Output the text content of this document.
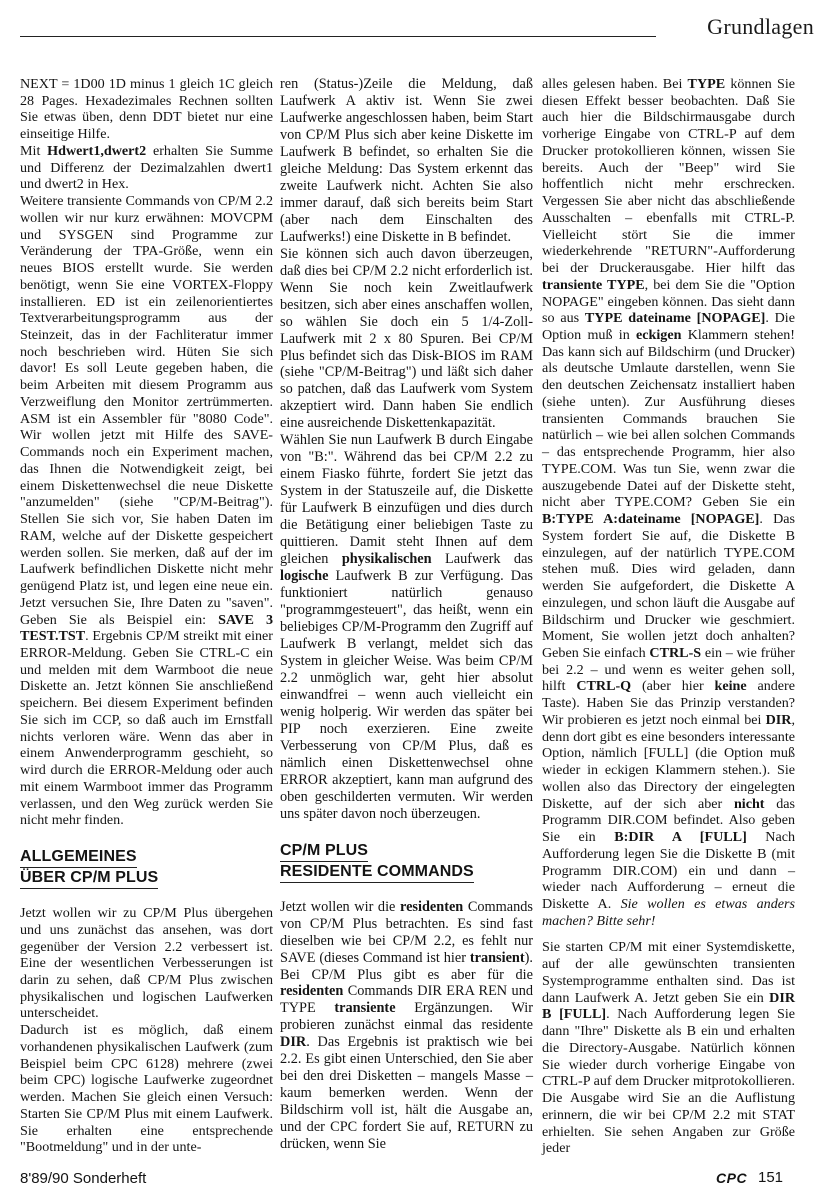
Grundlagen

NEXT = 1D00 1D minus 1 gleich 1C gleich 28 Pages. Hexadezimales Rechnen sollten Sie etwas üben, denn DDT bietet nur eine einseitige Hilfe.

Mit Hdwert1,dwert2 erhalten Sie Summe und Differenz der Dezimalzahlen dwert1 und dwert2 in Hex.

Weitere transiente Commands von CP/M 2.2 wollen wir nur kurz erwähnen: MOVCPM und SYSGEN sind Programme zur Veränderung der TPA-Größe, wenn ein neues BIOS erstellt wurde. Sie werden benötigt, wenn Sie eine VORTEX-Floppy installieren. ED ist ein zeilenorientiertes Textverarbeitungsprogramm aus der Steinzeit, das in der Fachliteratur immer noch beschrieben wird. Hüten Sie sich davor! Es soll Leute gegeben haben, die beim Arbeiten mit diesem Programm aus Verzweiflung den Monitor zertrümmerten. ASM ist ein Assembler für "8080 Code". Wir wollen jetzt mit Hilfe des SAVE-Commands noch ein Experiment machen, das Ihnen die Notwendigkeit zeigt, bei einem Diskettenwechsel die neue Diskette "anzumelden" (siehe "CP/M-Beitrag"). Stellen Sie sich vor, Sie haben Daten im RAM, welche auf der Diskette gespeichert werden sollen. Sie merken, daß auf der im Laufwerk befindlichen Diskette nicht mehr genügend Platz ist, und legen eine neue ein. Jetzt versuchen Sie, Ihre Daten zu "saven". Geben Sie als Beispiel ein: SAVE 3 TEST.TST. Ergebnis CP/M streikt mit einer ERROR-Meldung. Geben Sie CTRL-C ein und melden mit dem Warmboot die neue Diskette an. Jetzt können Sie anschließend speichern. Bei diesem Experiment befinden Sie sich im CCP, so daß auch im Ernstfall nichts verloren wäre. Wenn das aber in einem Anwenderprogramm geschieht, so wird durch die ERROR-Meldung oder auch mit einem Warmboot immer das Programm verlassen, und den Weg zurück werden Sie nicht mehr finden.

ALLGEMEINES
ÜBER CP/M PLUS

Jetzt wollen wir zu CP/M Plus übergehen und uns zunächst das ansehen, was dort gegenüber der Version 2.2 verbessert ist. Eine der wesentlichen Verbesserungen ist darin zu sehen, daß CP/M Plus zwischen physikalischen und logischen Laufwerken unterscheidet.

Dadurch ist es möglich, daß einem vorhandenen physikalischen Laufwerk (zum Beispiel beim CPC 6128) mehrere (zwei beim CPC) logische Laufwerke zugeordnet werden. Machen Sie gleich einen Versuch: Starten Sie CP/M Plus mit einem Laufwerk. Sie erhalten eine entsprechende "Bootmeldung" und in der unte-

ren (Status-)Zeile die Meldung, daß Laufwerk A aktiv ist. Wenn Sie zwei Laufwerke angeschlossen haben, beim Start von CP/M Plus sich aber keine Diskette im Laufwerk B befindet, so erhalten Sie die gleiche Meldung: Das System erkennt das zweite Laufwerk nicht. Achten Sie also immer darauf, daß sich bereits beim Start (aber nach dem Einschalten des Laufwerks!) eine Diskette in B befindet.

Sie können sich auch davon überzeugen, daß dies bei CP/M 2.2 nicht erforderlich ist. Wenn Sie noch kein Zweitlaufwerk besitzen, sich aber eines anschaffen wollen, so wählen Sie doch ein 5 1/4-Zoll-Laufwerk mit 2 x 80 Spuren. Bei CP/M Plus befindet sich das Disk-BIOS im RAM (siehe "CP/M-Beitrag") und läßt sich daher so patchen, daß das Laufwerk vom System akzeptiert wird. Dann haben Sie endlich eine ausreichende Diskettenkapazität.

Wählen Sie nun Laufwerk B durch Eingabe von "B:". Während das bei CP/M 2.2 zu einem Fiasko führte, fordert Sie jetzt das System in der Statuszeile auf, die Diskette für Laufwerk B einzufügen und dies durch die Betätigung einer beliebigen Taste zu quittieren. Damit steht Ihnen auf dem gleichen physikalischen Laufwerk das logische Laufwerk B zur Verfügung. Das funktioniert natürlich genauso "programmgesteuert", das heißt, wenn ein beliebiges CP/M-Programm den Zugriff auf Laufwerk B verlangt, meldet sich das System in gleicher Weise. Was beim CP/M 2.2 unmöglich war, geht hier absolut einwandfrei – wenn auch vielleicht ein wenig holperig. Wir werden das später bei PIP noch exerzieren. Eine zweite Verbesserung von CP/M Plus, daß es nämlich einen Diskettenwechsel ohne ERROR akzeptiert, kann man aufgrund des oben geschilderten vermuten. Wir werden uns später davon noch überzeugen.

CP/M PLUS
RESIDENTE COMMANDS

Jetzt wollen wir die residenten Commands von CP/M Plus betrachten. Es sind fast dieselben wie bei CP/M 2.2, es fehlt nur SAVE (dieses Command ist hier transient). Bei CP/M Plus gibt es aber für die residenten Commands DIR ERA REN und TYPE transiente Ergänzungen. Wir probieren zunächst einmal das residente DIR. Das Ergebnis ist praktisch wie bei 2.2. Es gibt einen Unterschied, den Sie aber bei den drei Disketten – mangels Masse – kaum bemerken werden. Wenn der Bildschirm voll ist, hält die Ausgabe an, und der CPC fordert Sie auf, RETURN zu drücken, wenn Sie

alles gelesen haben. Bei TYPE können Sie diesen Effekt besser beobachten. Daß Sie auch hier die Bildschirmausgabe durch vorherige Eingabe von CTRL-P auf dem Drucker protokollieren können, wissen Sie bereits. Auch der "Beep" wird Sie hoffentlich nicht mehr erschrecken. Vergessen Sie aber nicht das abschließende Ausschalten – ebenfalls mit CTRL-P. Vielleicht stört Sie die immer wiederkehrende "RETURN"-Aufforderung bei der Druckerausgabe. Hier hilft das transiente TYPE, bei dem Sie die "Option NOPAGE" eingeben können. Das sieht dann so aus TYPE dateiname [NOPAGE]. Die Option muß in eckigen Klammern stehen! Das kann sich auf Bildschirm (und Drucker) als deutsche Umlaute darstellen, wenn Sie den deutschen Zeichensatz installiert haben (siehe unten). Zur Ausführung dieses transienten Commands brauchen Sie natürlich – wie bei allen solchen Commands – das entsprechende Programm, hier also TYPE.COM. Was tun Sie, wenn zwar die auszugebende Datei auf der Diskette steht, nicht aber TYPE.COM? Geben Sie ein B:TYPE A:dateiname [NOPAGE]. Das System fordert Sie auf, die Diskette B einzulegen, auf der natürlich TYPE.COM stehen muß. Dies wird geladen, dann werden Sie aufgefordert, die Diskette A einzulegen, und schon läuft die Ausgabe auf Bildschirm und Drucker wie geschmiert. Moment, Sie wollen jetzt doch anhalten? Geben Sie einfach CTRL-S ein – wie früher bei 2.2 – und wenn es weiter gehen soll, hilft CTRL-Q (aber hier keine andere Taste). Haben Sie das Prinzip verstanden? Wir probieren es jetzt noch einmal bei DIR, denn dort gibt es eine besonders interessante Option, nämlich [FULL] (die Option muß wieder in eckigen Klammern stehen.). Sie wollen also das Directory der eingelegten Diskette, auf der sich aber nicht das Programm DIR.COM befindet. Also geben Sie ein B:DIR A [FULL] Nach Aufforderung legen Sie die Diskette B (mit Programm DIR.COM) ein und dann – wieder nach Aufforderung – erneut die Diskette A. Sie wollen es etwas anders machen? Bitte sehr!

Sie starten CP/M mit einer Systemdiskette, auf der alle gewünschten transienten Systemprogramme enthalten sind. Das ist dann Laufwerk A. Jetzt geben Sie ein DIR B [FULL]. Nach Aufforderung legen Sie dann "Ihre" Diskette als B ein und erhalten die Directory-Ausgabe. Natürlich können Sie wieder durch vorherige Eingabe von CTRL-P auf dem Drucker mitprotokollieren. Die Ausgabe wird Sie an die Auflistung erinnern, die wir bei CP/M 2.2 mit STAT erhielten. Sie sehen Angaben zur Größe jeder

8'89/90 Sonderheft	CPC 151
